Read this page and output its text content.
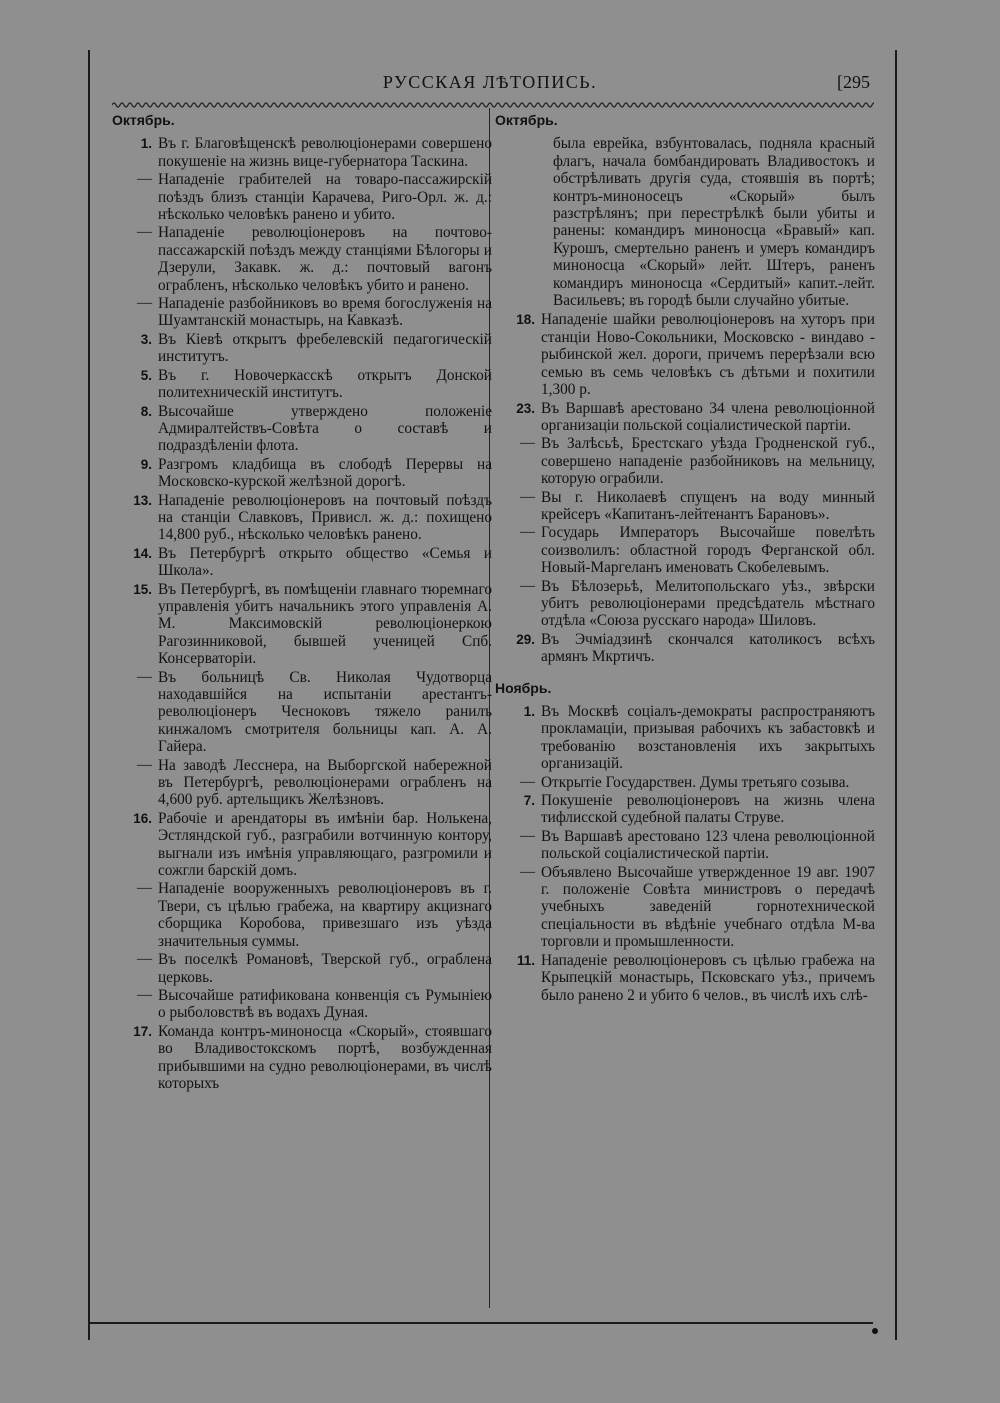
РУССКАЯ ЛѢТОПИСЬ.	[295
Октябрь.
1. Въ г. Благовѣщенскѣ революціонерами совершено покушеніе на жизнь вице-губернатора Таскина.
— Нападеніе грабителей на товаро-пассажирскій поѣздъ близъ станціи Карачева, Риго-Орл. ж. д.: нѣсколько человѣкъ ранено и убито.
— Нападеніе революціонеровъ на почтово-пассажарскій поѣздъ между станціями Бѣлогоры и Дзерули, Закавк. ж. д.: почтовый вагонъ ограбленъ, нѣсколько человѣкъ убито и ранено.
— Нападеніе разбойниковъ во время богослуженія на Шуамтанскій монастырь, на Кавказѣ.
3. Въ Кіевѣ открытъ фребелевскій педагогическій институтъ.
5. Въ г. Новочеркасскѣ открытъ Донской политехническій институтъ.
8. Высочайше утверждено положеніе Адмиралтействъ-Совѣта о составѣ и подраздѣленіи флота.
9. Разгромъ кладбища въ слободѣ Перервы на Московско-курской желѣзной дорогѣ.
13. Нападеніе революціонеровъ на почтовый поѣздъ на станціи Славковъ, Привисл. ж. д.: похищено 14,800 руб., нѣсколько человѣкъ ранено.
14. Въ Петербургѣ открыто общество «Семья и Школа».
15. Въ Петербургѣ, въ помѣщеніи главнаго тюремнаго управленія убитъ начальникъ этого управленія А. М. Максимовскій революціонеркою Рагозинниковой, бывшей ученицей Спб. Консерваторіи.
— Въ больницѣ Св. Николая Чудотворца находавшійся на испытаніи арестантъ-революціонеръ Чесноковъ тяжело ранилъ кинжаломъ смотрителя больницы кап. А. А. Гайера.
— На заводѣ Лесснера, на Выборгской набережной въ Петербургѣ, революціонерами ограбленъ на 4,600 руб. артельщикъ Желѣзновъ.
16. Рабочіе и арендаторы въ имѣніи бар. Нолькена, Эстляндской губ., разграбили вотчинную контору, выгнали изъ имѣнія управляющаго, разгромили и сожгли барскій домъ.
— Нападеніе вооруженныхъ революціонеровъ въ г. Твери, съ цѣлью грабежа, на квартиру акцизнаго сборщика Коробова, привезшаго изъ уѣзда значительныя суммы.
— Въ поселкѣ Романовѣ, Тверской губ., ограблена церковь.
— Высочайше ратификована конвенція съ Румыніею о рыболовствѣ въ водахъ Дуная.
17. Команда контръ-миноносца «Скорый», стоявшаго во Владивостокскомъ портѣ, возбужденная прибывшими на судно революціонерами, въ числѣ которыхъ
Октябрь.
была еврейка, взбунтовалась, подняла красный флагъ, начала бомбандировать Владивостокъ и обстрѣливать другія суда, стоявшія въ портѣ; контръ-миноносецъ «Скорый» былъ разстрѣлянъ; при перестрѣлкѣ были убиты и ранены: командиръ миноносца «Бравый» кап. Курошъ, смертельно раненъ и умеръ командиръ миноносца «Скорый» лейт. Штеръ, раненъ командиръ миноносца «Сердитый» капит.-лейт. Васильевъ; въ городѣ были случайно убитые.
18. Нападеніе шайки революціонеровъ на хуторъ при станціи Ново-Сокольники, Московско - виндаво - рыбинской жел. дороги, причемъ перерѣзали всю семью въ семь человѣкъ съ дѣтьми и похитили 1,300 р.
23. Въ Варшавѣ арестовано 34 члена революціонной организаціи польской соціалистической партіи.
— Въ Залѣсьѣ, Брестскаго уѣзда Гродненской губ., совершено нападеніе разбойниковъ на мельницу, которую ограбили.
— Вы г. Николаевѣ спущенъ на воду минный крейсеръ «Капитанъ-лейтенантъ Барановъ».
— Государь Императоръ Высочайше повелѣть соизволилъ: областной городъ Ферганской обл. Новый-Маргеланъ именовать Скобелевымъ.
— Въ Бѣлозерьѣ, Мелитопольскаго уѣз., звѣрски убитъ революціонерами предсѣдатель мѣстнаго отдѣла «Союза русскаго народа» Шиловъ.
29. Въ Эчміадзинѣ скончался католикосъ всѣхъ армянъ Мкртичъ.
Ноябрь.
1. Въ Москвѣ соціалъ-демократы распространяютъ прокламаціи, призывая рабочихъ къ забастовкѣ и требованію возстановленія ихъ закрытыхъ организацій.
— Открытіе Государствен. Думы третьяго созыва.
7. Покушеніе революціонеровъ на жизнь члена тифлисской судебной палаты Струве.
— Въ Варшавѣ арестовано 123 члена революціонной польской соціалистической партіи.
— Объявлено Высочайше утвержденное 19 авг. 1907 г. положеніе Совѣта министровъ о передачѣ учебныхъ заведеній горнотехнической спеціальности въ вѣдѣніе учебнаго отдѣла М-ва торговли и промышленности.
11. Нападеніе революціонеровъ съ цѣлью грабежа на Крыпецкій монастырь, Псковскаго уѣз., причемъ было ранено 2 и убито 6 челов., въ числѣ ихъ слѣ-
